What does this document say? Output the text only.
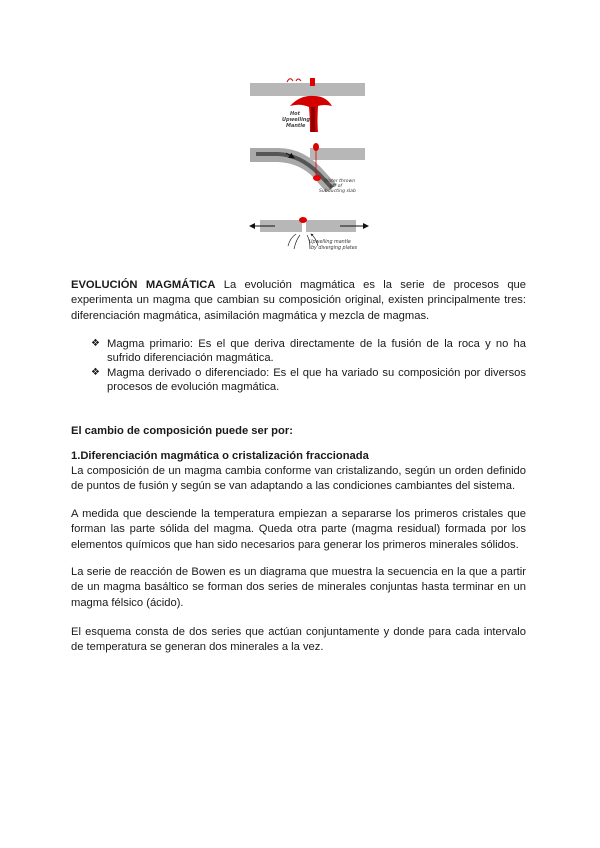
Hot
Upwelling
Mantle
Water thrown
off of
Subducting slab
Upwelling mantle
by diverging plates
EVOLUCIÓN MAGMÁTICA La evolución magmática es la serie de procesos que experimenta un magma que cambian su composición original, existen principalmente tres: diferenciación magmática, asimilación magmática y mezcla de magmas.
❖ Magma primario: Es el que deriva directamente de la fusión de la roca y no ha sufrido diferenciación magmática.
❖ Magma derivado o diferenciado: Es el que ha variado su composición por diversos procesos de evolución magmática.
El cambio de composición puede ser por:
1.Diferenciación magmática o cristalización fraccionada
La composición de un magma cambia conforme van cristalizando, según un orden definido de puntos de fusión y según se van adaptando a las condiciones cambiantes del sistema.
A medida que desciende la temperatura empiezan a separarse los primeros cristales que forman las parte sólida del magma. Queda otra parte (magma residual) formada por los elementos químicos que han sido necesarios para generar los primeros minerales sólidos.
La serie de reacción de Bowen es un diagrama que muestra la secuencia en la que a partir de un magma basáltico se forman dos series de minerales conjuntas hasta terminar en un magma félsico (ácido).
El esquema consta de dos series que actúan conjuntamente y donde para cada intervalo de temperatura se generan dos minerales a la vez.
